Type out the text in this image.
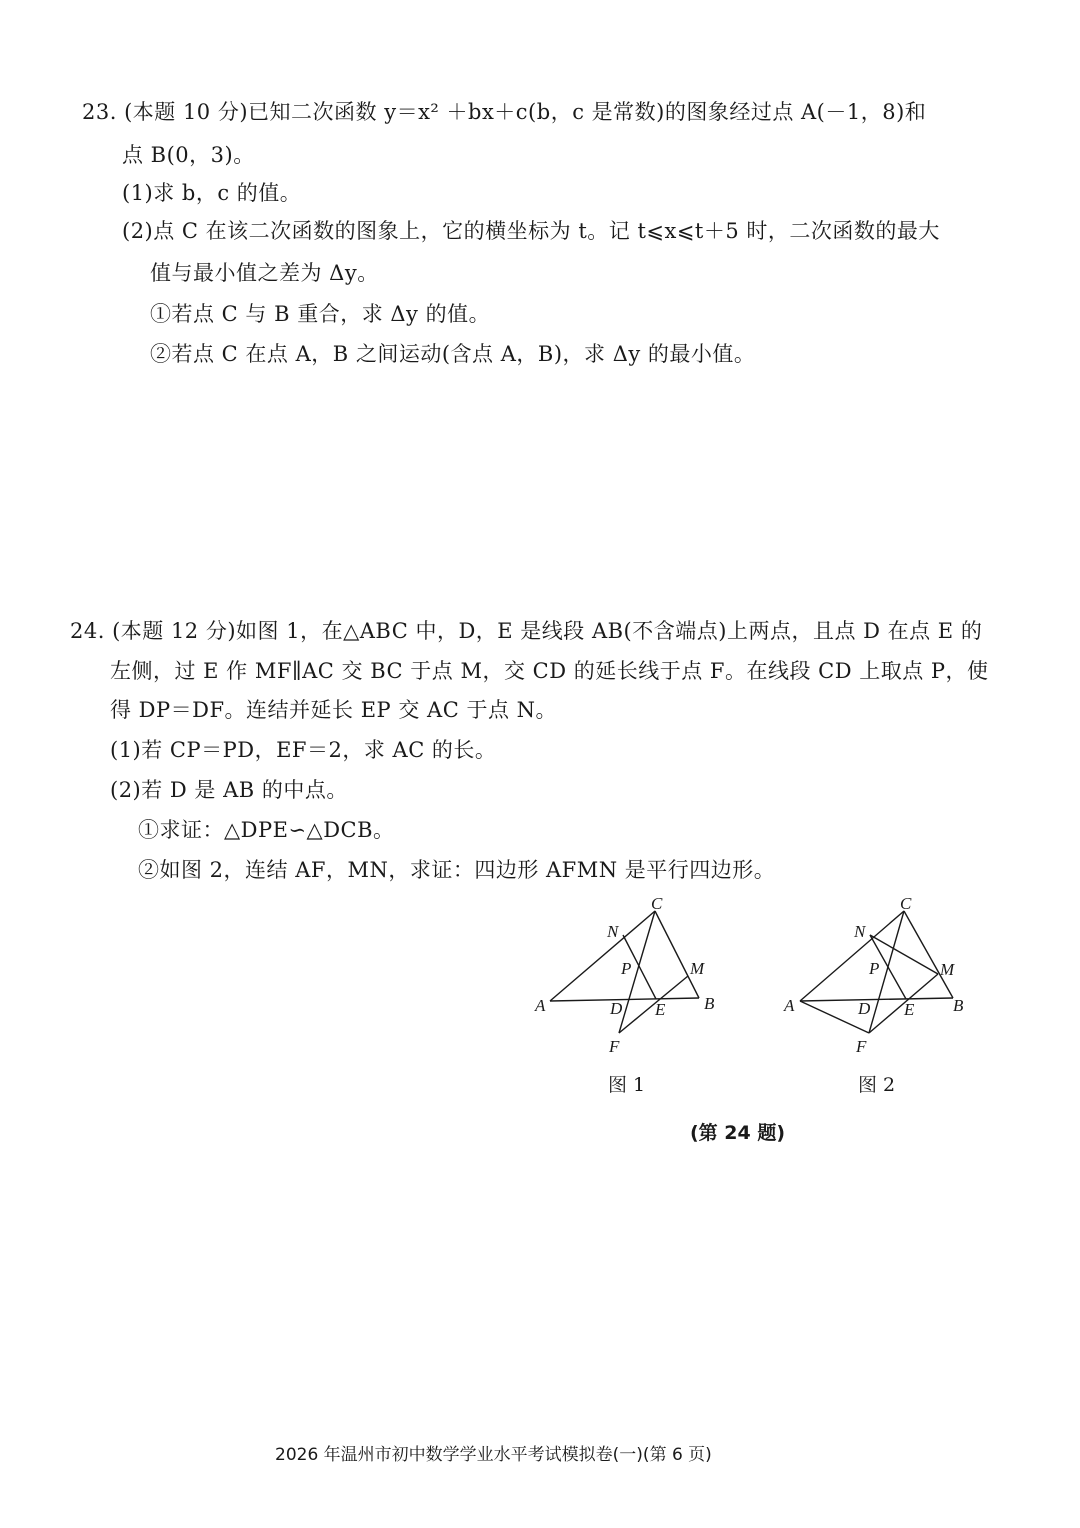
23. (本题 10 分)已知二次函数 y＝x² ＋bx＋c(b，c 是常数)的图象经过点 A(－1，8)和
点 B(0，3)。
(1)求 b，c 的值。
(2)点 C 在该二次函数的图象上，它的横坐标为 t。记 t⩽x⩽t＋5 时，二次函数的最大
值与最小值之差为 Δy。
①若点 C 与 B 重合，求 Δy 的值。
②若点 C 在点 A，B 之间运动(含点 A，B)，求 Δy 的最小值。
24. (本题 12 分)如图 1，在△ABC 中，D，E 是线段 AB(不含端点)上两点，且点 D 在点 E 的
左侧，过 E 作 MF∥AC 交 BC 于点 M，交 CD 的延长线于点 F。在线段 CD 上取点 P，使
得 DP＝DF。连结并延长 EP 交 AC 于点 N。
(1)若 CP＝PD，EF＝2，求 AC 的长。
(2)若 D 是 AB 的中点。
①求证：△DPE∽△DCB。
②如图 2，连结 AF，MN，求证：四边形 AFMN 是平行四边形。
C
N
P	M
A	D E B
F
图 1
C
N
P	M
A	D E B
F
图 2
(第 24 题)
2026 年温州市初中数学学业水平考试模拟卷(一)(第 6 页)
